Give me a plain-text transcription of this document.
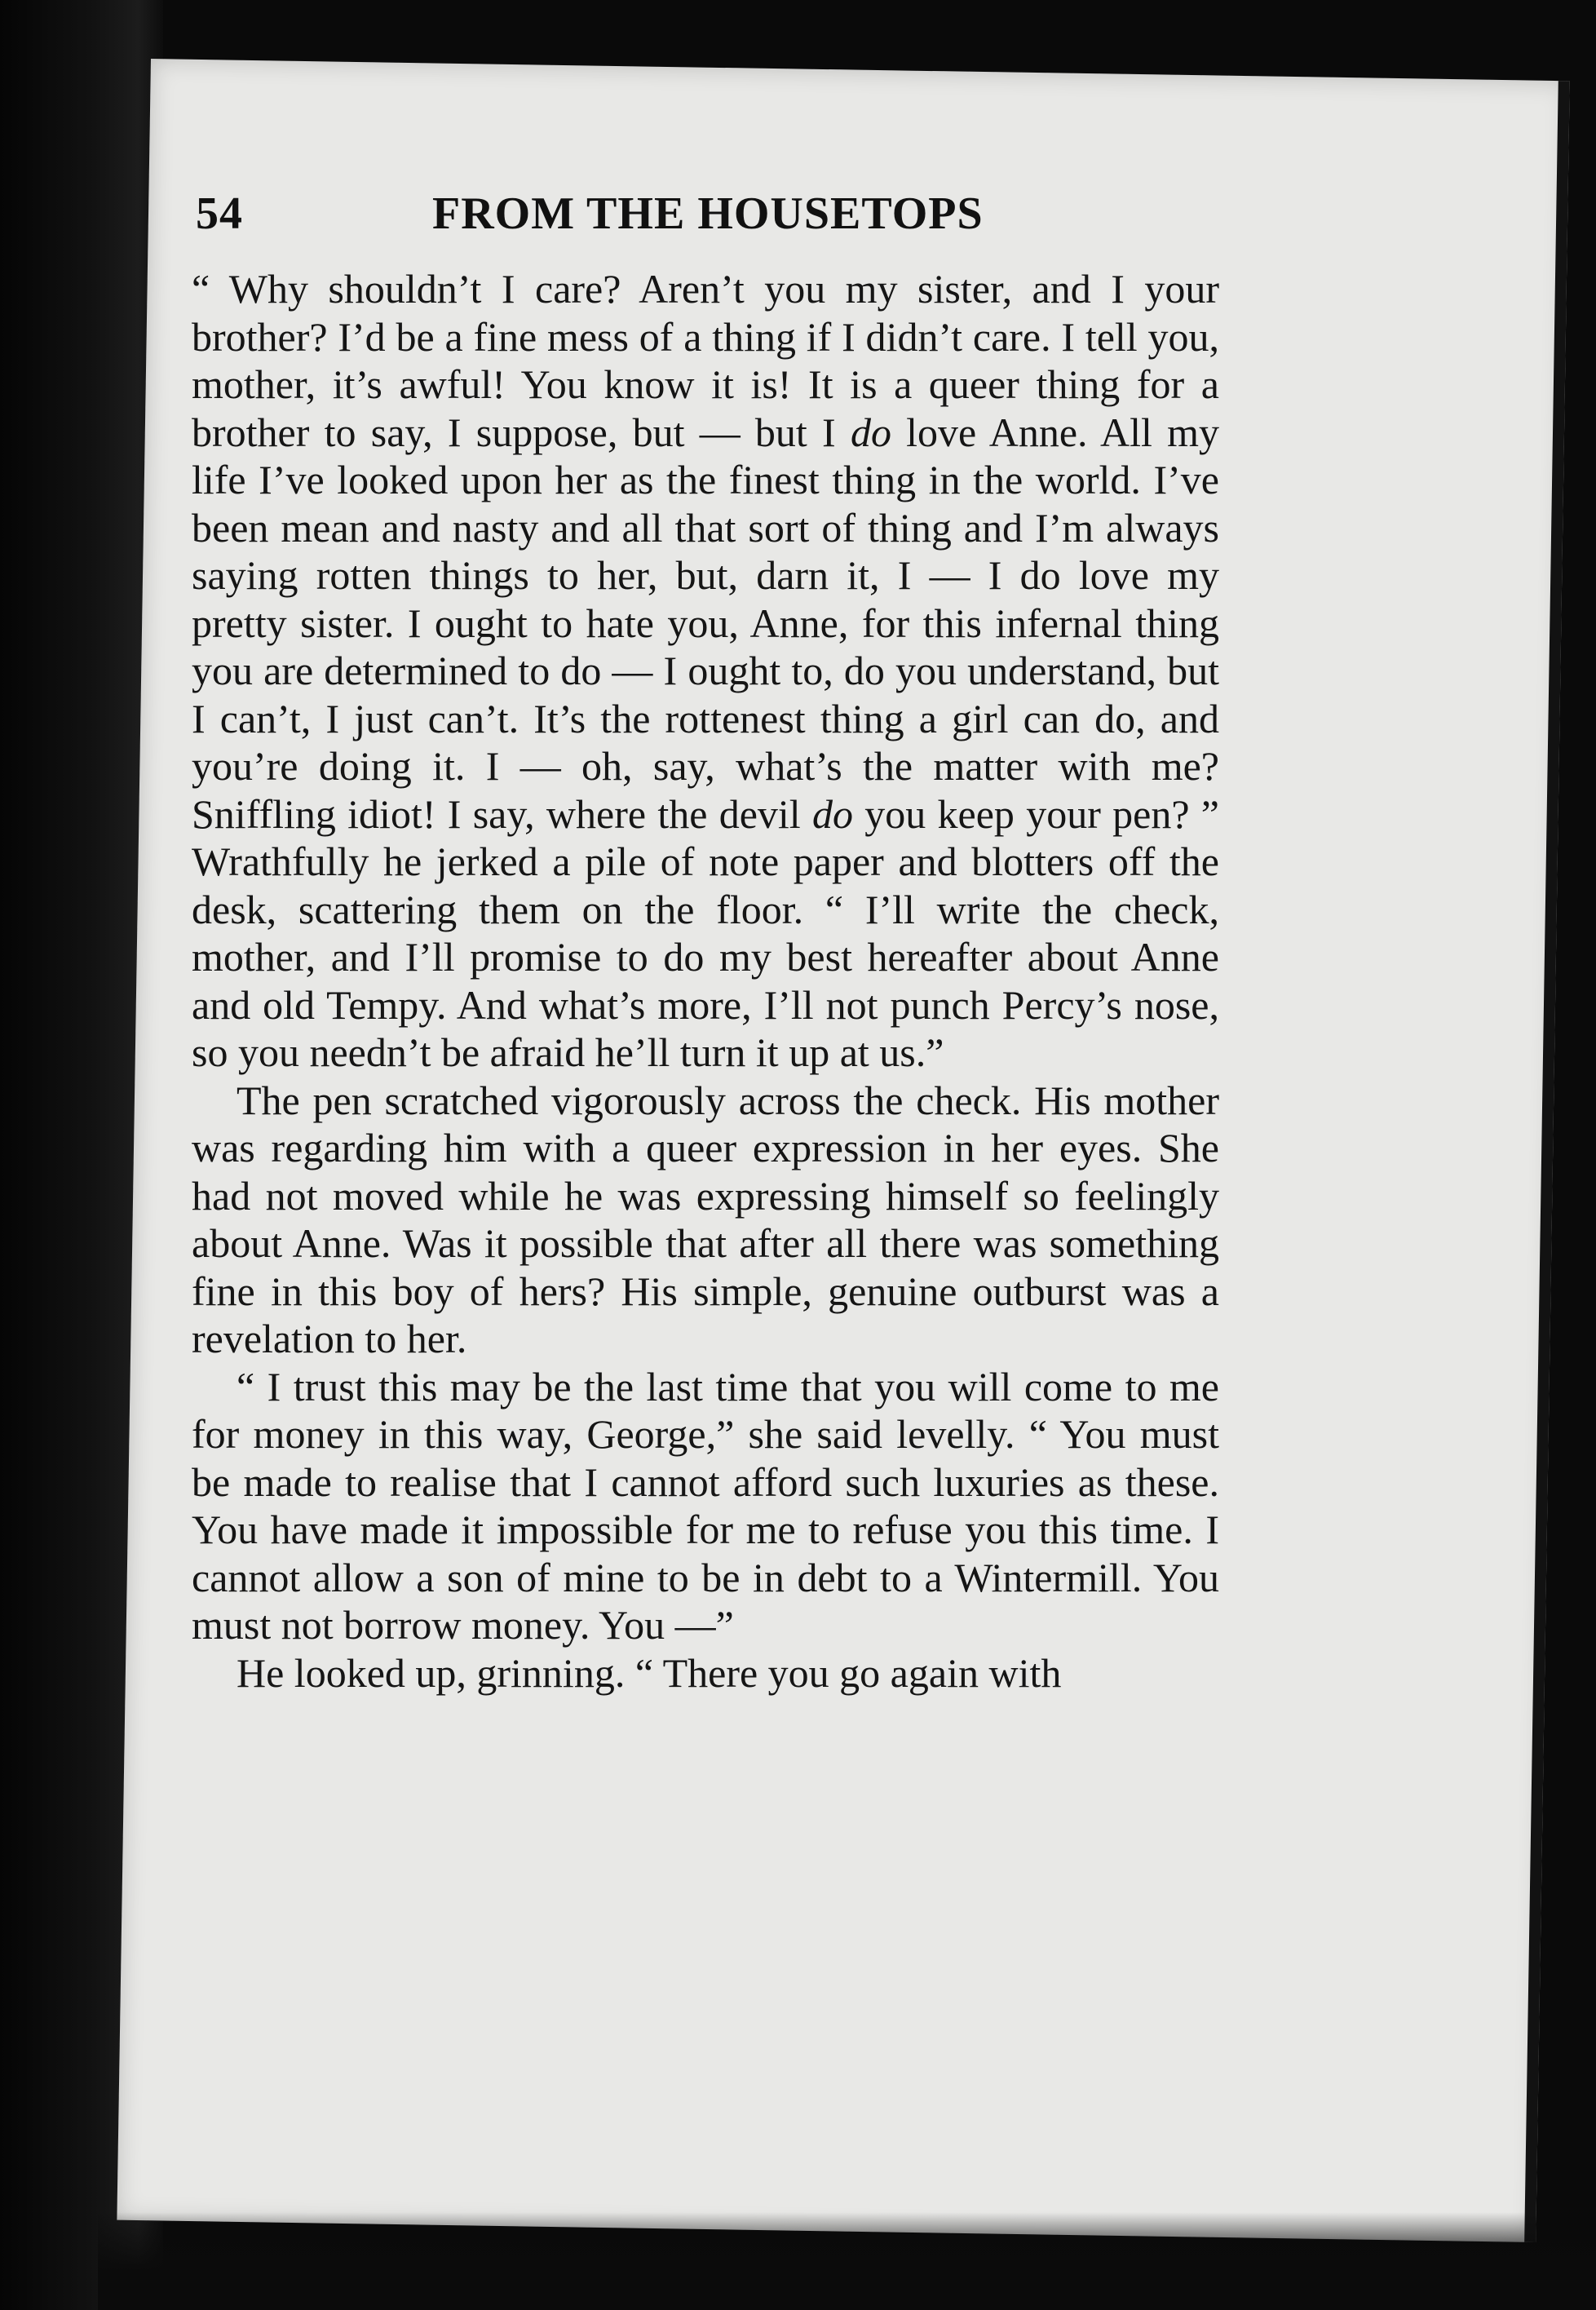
54	FROM THE HOUSETOPS

“ Why shouldn’t I care? Aren’t you my sister, and I your brother? I’d be a fine mess of a thing if I didn’t care. I tell you, mother, it’s awful! You know it is! It is a queer thing for a brother to say, I suppose, but — but I do love Anne. All my life I’ve looked upon her as the finest thing in the world. I’ve been mean and nasty and all that sort of thing and I’m always saying rotten things to her, but, darn it, I — I do love my pretty sister. I ought to hate you, Anne, for this infernal thing you are determined to do — I ought to, do you understand, but I can’t, I just can’t. It’s the rottenest thing a girl can do, and you’re doing it. I — oh, say, what’s the matter with me? Sniffling idiot! I say, where the devil do you keep your pen? ” Wrathfully he jerked a pile of note paper and blotters off the desk, scattering them on the floor. “ I’ll write the check, mother, and I’ll promise to do my best hereafter about Anne and old Tempy. And what’s more, I’ll not punch Percy’s nose, so you needn’t be afraid he’ll turn it up at us.”

The pen scratched vigorously across the check. His mother was regarding him with a queer expression in her eyes. She had not moved while he was expressing himself so feelingly about Anne. Was it possible that after all there was something fine in this boy of hers? His simple, genuine outburst was a revelation to her.

“ I trust this may be the last time that you will come to me for money in this way, George,” she said levelly. “ You must be made to realise that I cannot afford such luxuries as these. You have made it impossible for me to refuse you this time. I cannot allow a son of mine to be in debt to a Wintermill. You must not borrow money. You —”

He looked up, grinning. “ There you go again with
